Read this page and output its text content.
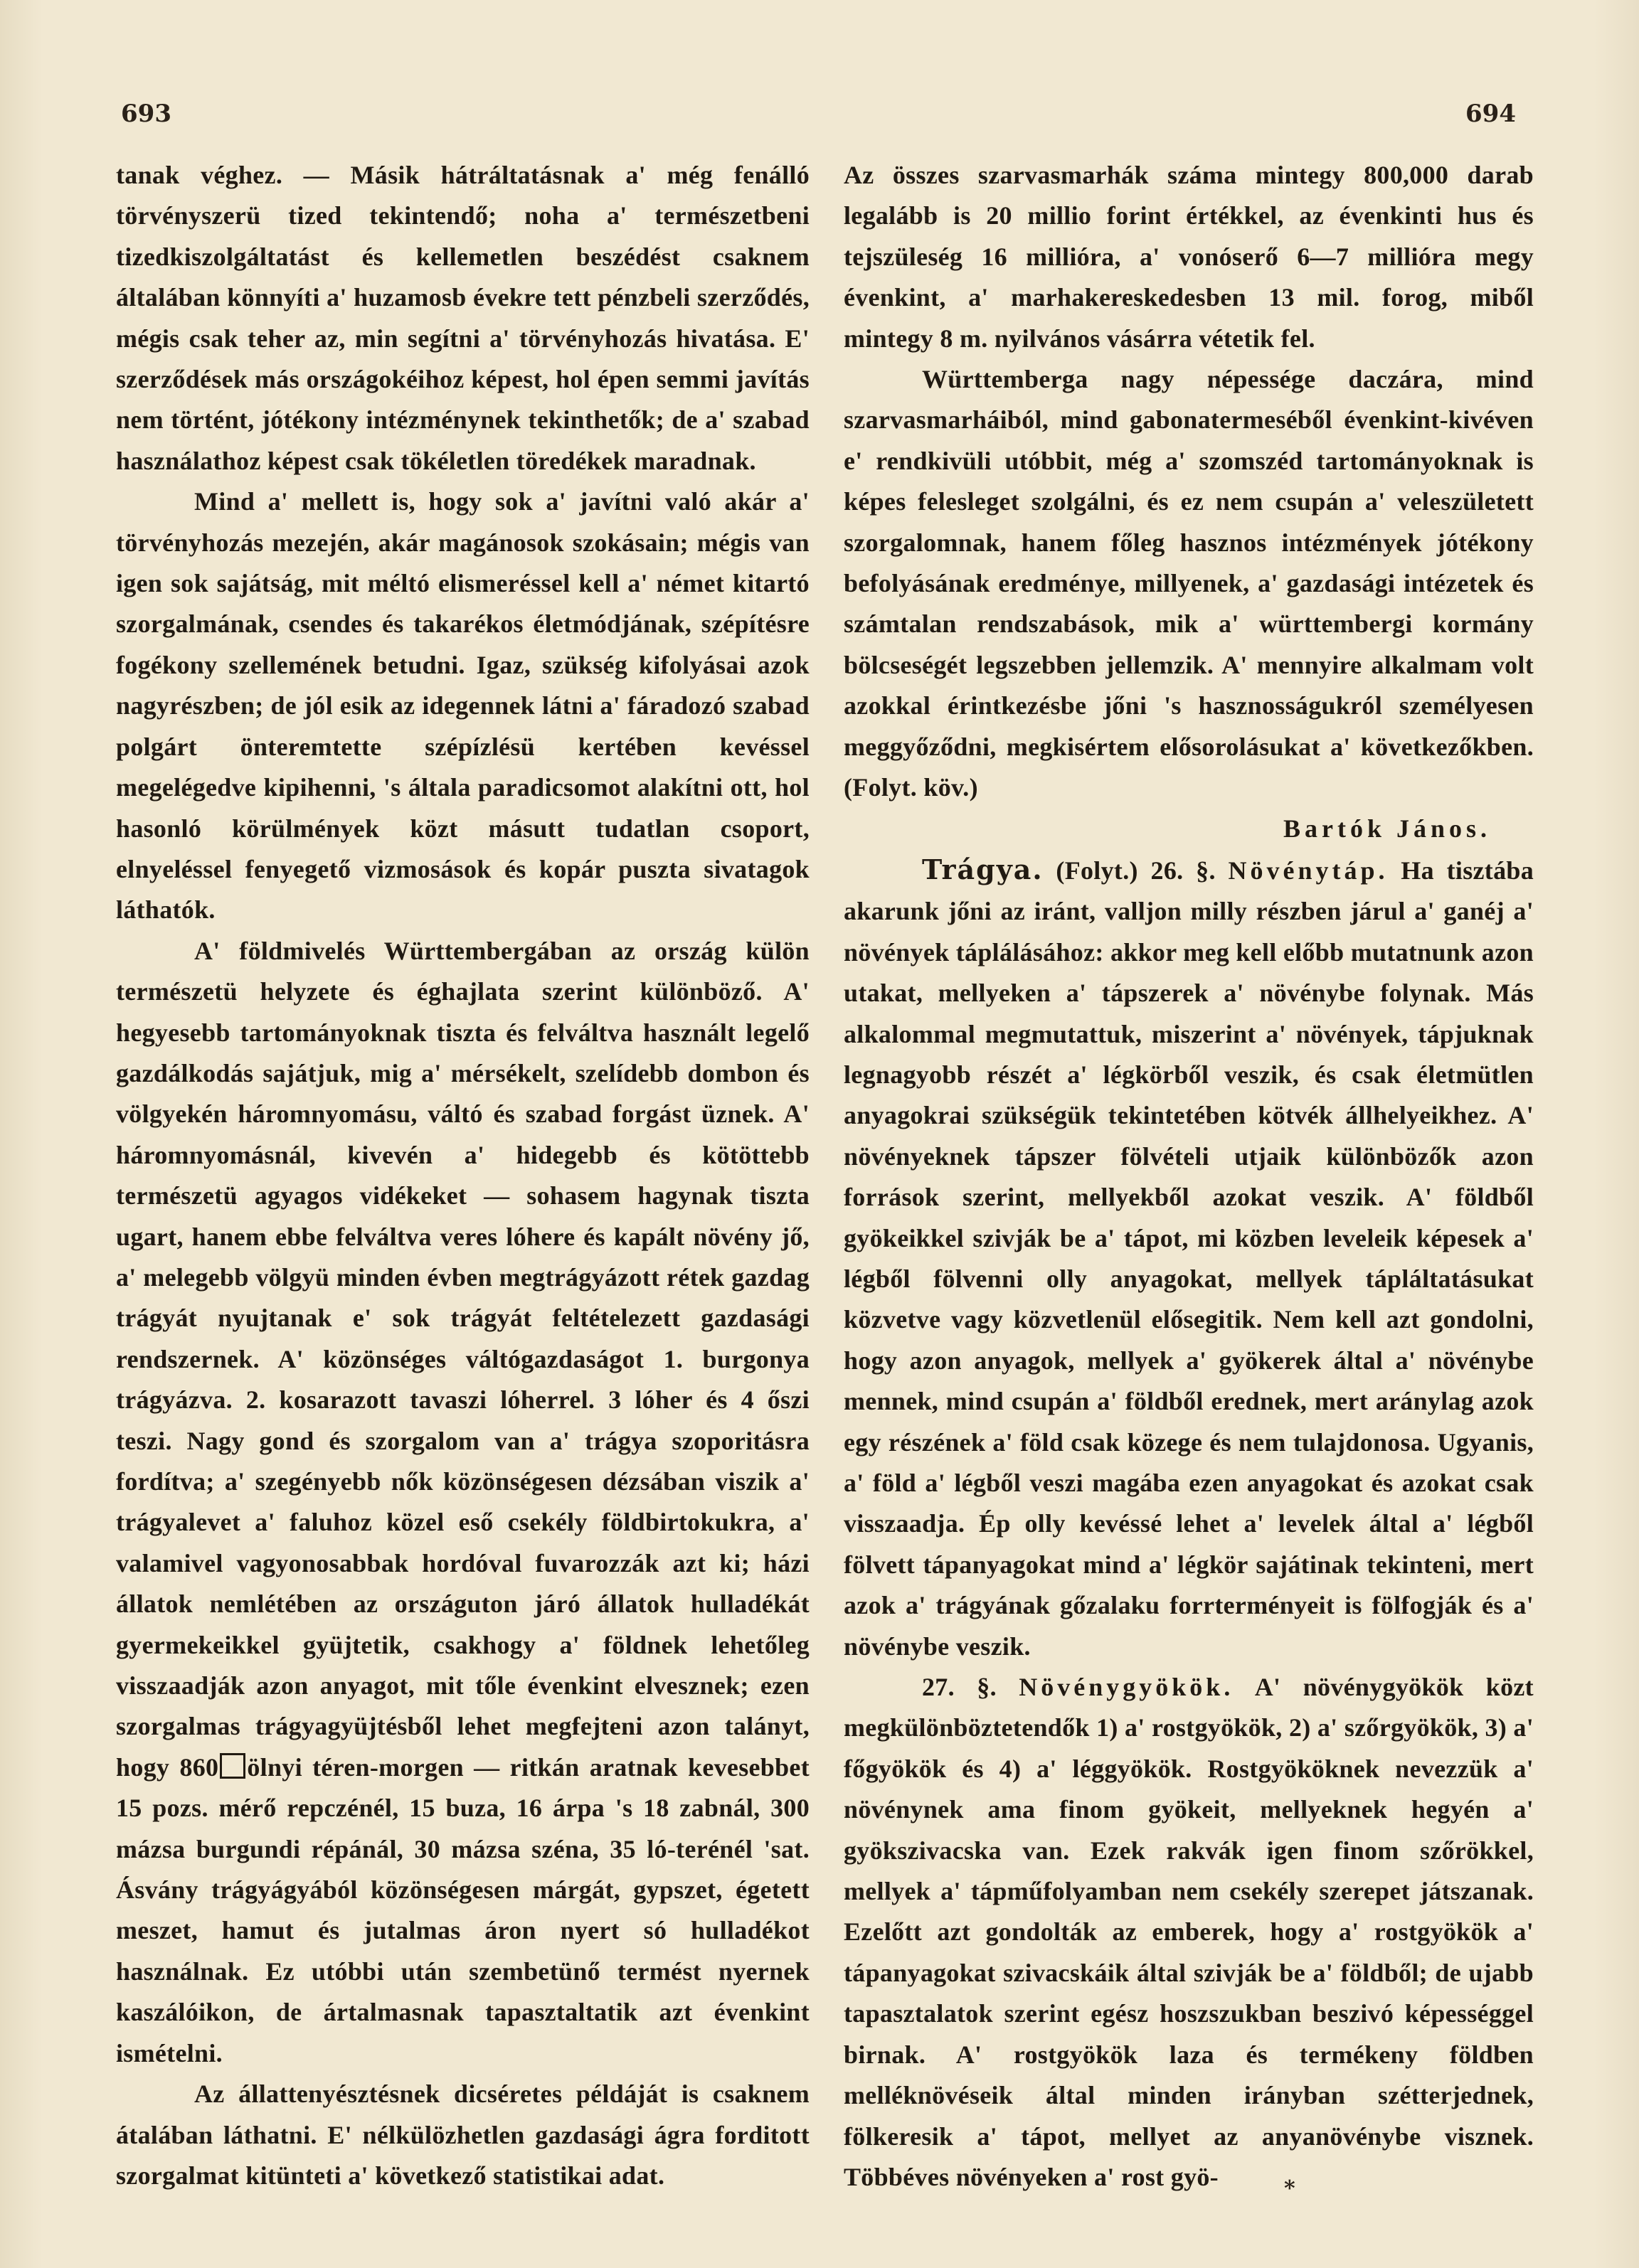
693	694

tanak véghez. — Másik hátráltatásnak a' még fenálló törvényszerü tized tekintendő; noha a' természetbeni tizedkiszolgáltatást és kellemetlen beszédést csaknem általában könnyíti a' huzamosb évekre tett pénzbeli szerződés, mégis csak teher az, min segítni a' törvényhozás hivatása. E' szerződések más országokéihoz képest, hol épen semmi javítás nem történt, jótékony intézménynek tekinthetők; de a' szabad használathoz képest csak tökéletlen töredékek maradnak.

Mind a' mellett is, hogy sok a' javítni való akár a' törvényhozás mezején, akár magánosok szokásain; mégis van igen sok sajátság, mit méltó elismeréssel kell a' német kitartó szorgalmának, csendes és takarékos életmódjának, szépítésre fogékony szellemének betudni. Igaz, szükség kifolyásai azok nagyrészben; de jól esik az idegennek látni a' fáradozó szabad polgárt önteremtette szépízlésü kertében kevéssel megelégedve kipihenni, 's általa paradicsomot alakítni ott, hol hasonló körülmények közt másutt tudatlan csoport, elnyeléssel fenyegető vizmosások és kopár puszta sivatagok láthatók.

A' földmivelés Württembergában az ország külön természetü helyzete és éghajlata szerint különböző. A' hegyesebb tartományoknak tiszta és felváltva használt legelő gazdálkodás sajátjuk, mig a' mérsékelt, szelídebb dombon és völgyekén háromnyomásu, váltó és szabad forgást üznek. A' háromnyomásnál, kivevén a' hidegebb és kötöttebb természetü agyagos vidékeket — sohasem hagynak tiszta ugart, hanem ebbe felváltva veres lóhere és kapált növény jő, a' melegebb völgyü minden évben megtrágyázott rétek gazdag trágyát nyujtanak e' sok trágyát feltételezett gazdasági rendszernek. A' közönséges váltógazdaságot 1. burgonya trágyázva. 2. kosarazott tavaszi lóherrel. 3 lóher és 4 őszi teszi. Nagy gond és szorgalom van a' trágya szoporitásra fordítva; a' szegényebb nők közönségesen dézsában viszik a' trágyalevet a' faluhoz közel eső csekély földbirtokukra, a' valamivel vagyonosabbak hordóval fuvarozzák azt ki; házi állatok nemlétében az országuton járó állatok hulladékát gyermekeikkel gyüjtetik, csakhogy a' földnek lehetőleg visszaadják azon anyagot, mit tőle évenkint elvesznek; ezen szorgalmas trágyagyüjtésből lehet megfejteni azon talányt, hogy 860 ölnyi téren-morgen — ritkán aratnak kevesebbet 15 pozs. mérő repczénél, 15 buza, 16 árpa 's 18 zabnál, 300 mázsa burgundi répánál, 30 mázsa széna, 35 ló-terénél 'sat. Ásvány trágyágyából közönségesen márgát, gypszet, égetett meszet, hamut és jutalmas áron nyert só hulladékot használnak. Ez utóbbi után szembetünő termést nyernek kaszálóikon, de ártalmasnak tapasztaltatik azt évenkint ismételni.

Az állattenyésztésnek dicséretes példáját is csaknem átalában láthatni. E' nélkülözhetlen gazdasági ágra forditott szorgalmat kitünteti a' következő statistikai adat.

Az összes szarvasmarhák száma mintegy 800,000 darab legalább is 20 millio forint értékkel, az évenkinti hus és tejszüleség 16 millióra, a' vonóserő 6—7 millióra megy évenkint, a' marhakereskedesben 13 mil. forog, miből mintegy 8 m. nyilvános vásárra vétetik fel.

Württemberga nagy népessége daczára, mind szarvasmarháiból, mind gabonatermeséből évenkint-kivéven e' rendkivüli utóbbit, még a' szomszéd tartományoknak is képes felesleget szolgálni, és ez nem csupán a' veleszületett szorgalomnak, hanem főleg hasznos intézmények jótékony befolyásának eredménye, millyenek, a' gazdasági intézetek és számtalan rendszabások, mik a' württembergi kormány bölcseségét legszebben jellemzik. A' mennyire alkalmam volt azokkal érintkezésbe jőni 's hasznosságukról személyesen meggyőződni, megkisértem elősorolásukat a' következőkben. (Folyt. köv.)

Bartók János.

Trágya. (Folyt.) 26. §. Növénytáp. Ha tisztába akarunk jőni az iránt, valljon milly részben járul a' ganéj a' növények táplálásához: akkor meg kell előbb mutatnunk azon utakat, mellyeken a' tápszerek a' növénybe folynak. Más alkalommal megmutattuk, miszerint a' növények, tápjuknak legnagyobb részét a' légkörből veszik, és csak életmütlen anyagokrai szükségük tekintetében kötvék állhelyeikhez. A' növényeknek tápszer fölvételi utjaik különbözők azon források szerint, mellyekből azokat veszik. A' földből gyökeikkel szivják be a' tápot, mi közben leveleik képesek a' légből fölvenni olly anyagokat, mellyek tápláltatásukat közvetve vagy közvetlenül elősegitik. Nem kell azt gondolni, hogy azon anyagok, mellyek a' gyökerek által a' növénybe mennek, mind csupán a' földből erednek, mert aránylag azok egy részének a' föld csak közege és nem tulajdonosa. Ugyanis, a' föld a' légből veszi magába ezen anyagokat és azokat csak visszaadja. Ép olly kevéssé lehet a' levelek által a' légből fölvett tápanyagokat mind a' légkör sajátinak tekinteni, mert azok a' trágyának gőzalaku forrterményeit is fölfogják és a' növénybe veszik.

27. §. Növénygyökök. A' növénygyökök közt megkülönböztetendők 1) a' rostgyökök, 2) a' szőrgyökök, 3) a' főgyökök és 4) a' léggyökök. Rostgyököknek nevezzük a' növénynek ama finom gyökeit, mellyeknek hegyén a' gyökszivacska van. Ezek rakvák igen finom szőrökkel, mellyek a' tápműfolyamban nem csekély szerepet játszanak. Ezelőtt azt gondolták az emberek, hogy a' rostgyökök a' tápanyagokat szivacskáik által szivják be a' földből; de ujabb tapasztalatok szerint egész hoszszukban beszivó képességgel birnak. A' rostgyökök laza és termékeny földben melléknövéseik által minden irányban szétterjednek, fölkeresik a' tápot, mellyet az anyanövénybe visznek. Többéves növényeken a' rost gyö-	*
